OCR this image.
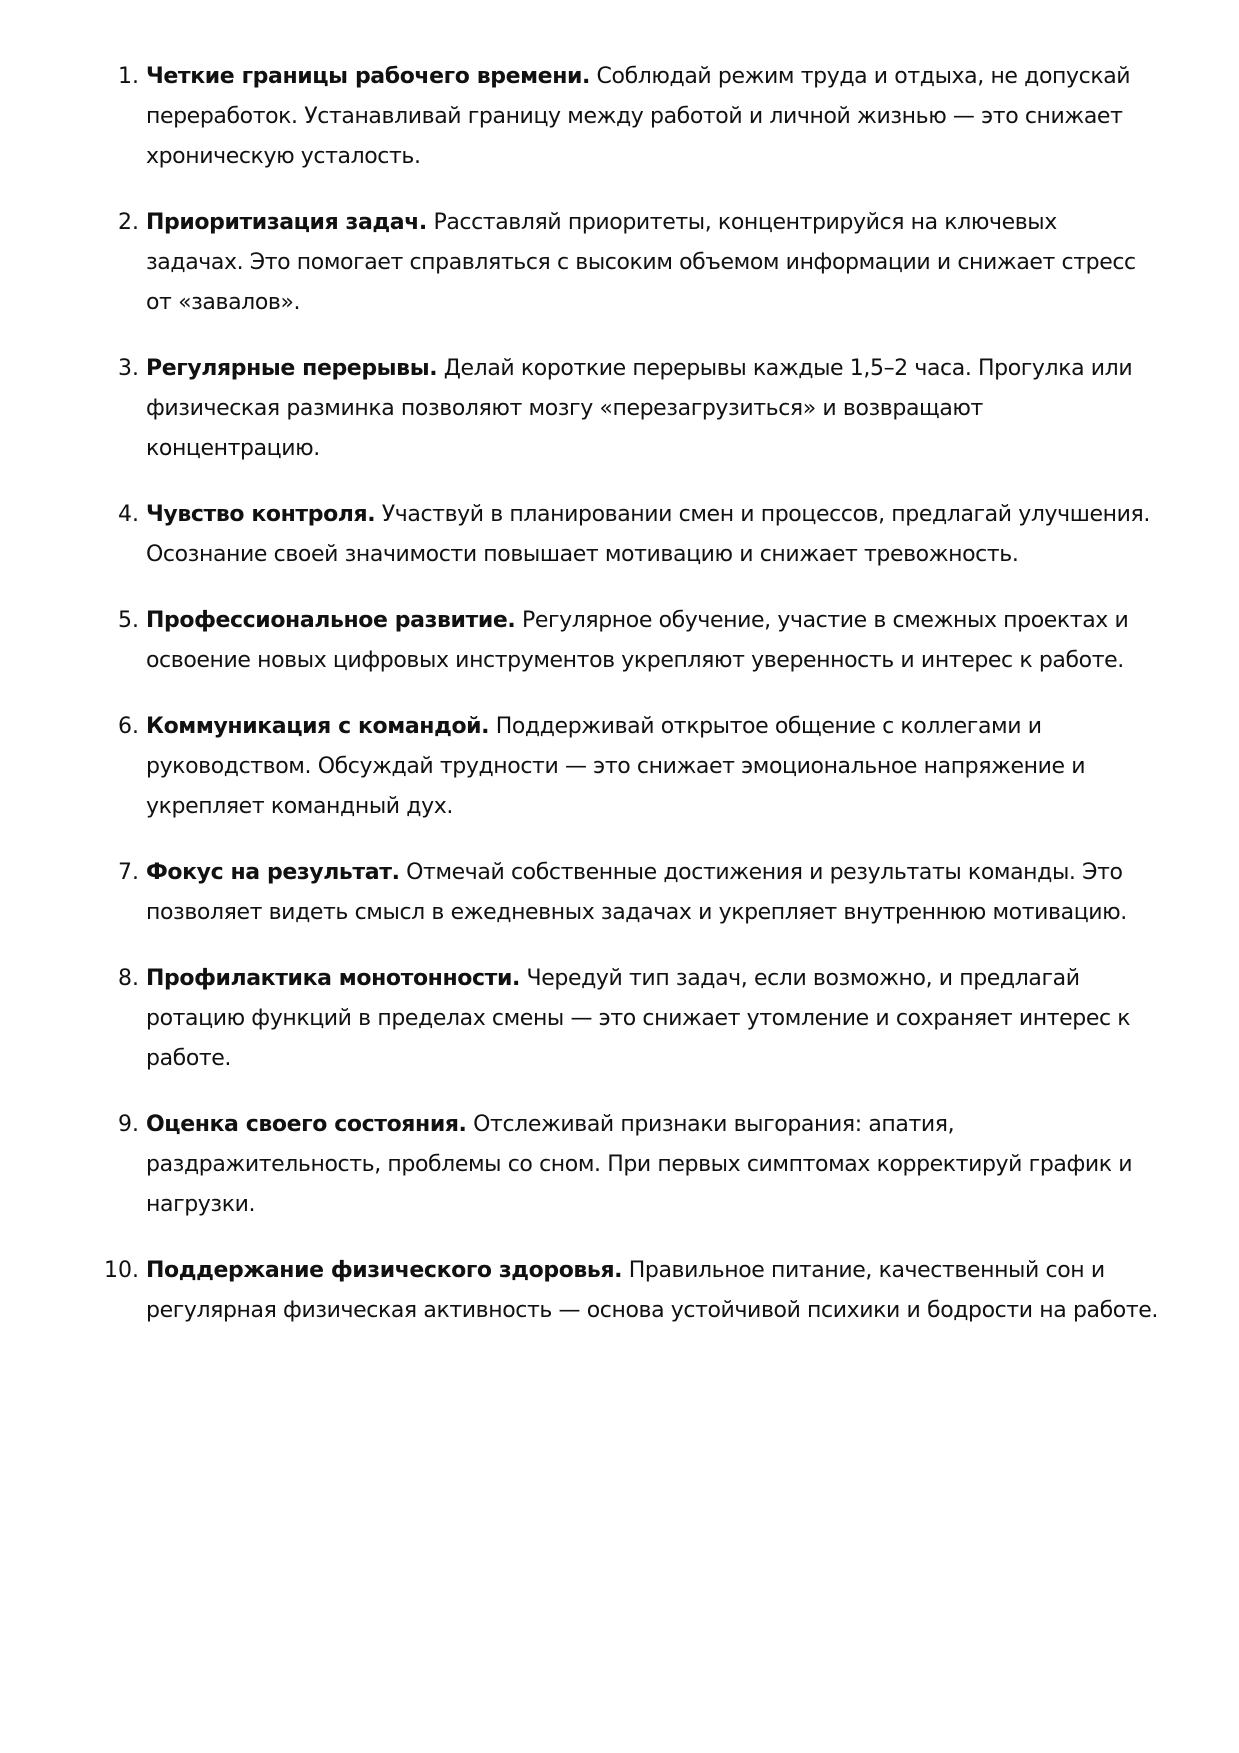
1. Четкие границы рабочего времени. Соблюдай режим труда и отдыха, не допускай переработок. Устанавливай границу между работой и личной жизнью — это снижает хроническую усталость.
2. Приоритизация задач. Расставляй приоритеты, концентрируйся на ключевых задачах. Это помогает справляться с высоким объемом информации и снижает стресс от «завалов».
3. Регулярные перерывы. Делай короткие перерывы каждые 1,5–2 часа. Прогулка или физическая разминка позволяют мозгу «перезагрузиться» и возвращают концентрацию.
4. Чувство контроля. Участвуй в планировании смен и процессов, предлагай улучшения. Осознание своей значимости повышает мотивацию и снижает тревожность.
5. Профессиональное развитие. Регулярное обучение, участие в смежных проектах и освоение новых цифровых инструментов укрепляют уверенность и интерес к работе.
6. Коммуникация с командой. Поддерживай открытое общение с коллегами и руководством. Обсуждай трудности — это снижает эмоциональное напряжение и укрепляет командный дух.
7. Фокус на результат. Отмечай собственные достижения и результаты команды. Это позволяет видеть смысл в ежедневных задачах и укрепляет внутреннюю мотивацию.
8. Профилактика монотонности. Чередуй тип задач, если возможно, и предлагай ротацию функций в пределах смены — это снижает утомление и сохраняет интерес к работе.
9. Оценка своего состояния. Отслеживай признаки выгорания: апатия, раздражительность, проблемы со сном. При первых симптомах корректируй график и нагрузки.
10. Поддержание физического здоровья. Правильное питание, качественный сон и регулярная физическая активность — основа устойчивой психики и бодрости на работе.
